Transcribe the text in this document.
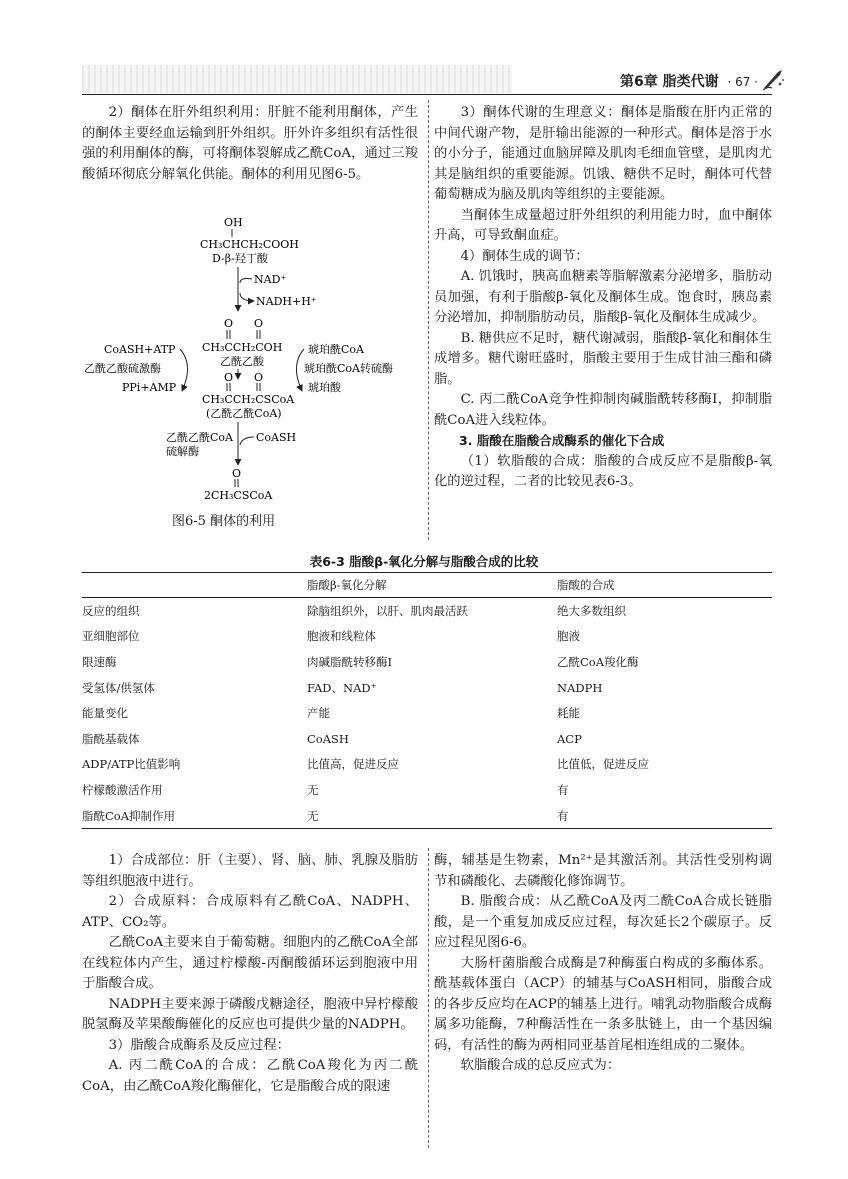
第6章 脂类代谢 · 67 ·

2）酮体在肝外组织利用：肝脏不能利用酮体，产生的酮体主要经血运输到肝外组织。肝外许多组织有活性很强的利用酮体的酶，可将酮体裂解成乙酰CoA，通过三羧酸循环彻底分解氧化供能。酮体的利用见图6-5。

OH
CH₃CHCH₂COOH
D-β-羟丁酸
NAD⁺
NADH+H⁺
O O
CH₃CCH₂COH
乙酰乙酸
CoASH+ATP
乙酰乙酸硫激酶
PPi+AMP
琥珀酰CoA
琥珀酰CoA转硫酶
琥珀酸
O O
CH₃CCH₂CSCoA
(乙酰乙酰CoA)
乙酰乙酰CoA
硫解酶
CoASH
O
2CH₃CSCoA
图6-5 酮体的利用

3）酮体代谢的生理意义：酮体是脂酸在肝内正常的中间代谢产物，是肝输出能源的一种形式。酮体是溶于水的小分子，能通过血脑屏障及肌肉毛细血管壁，是肌肉尤其是脑组织的重要能源。饥饿、糖供不足时，酮体可代替葡萄糖成为脑及肌肉等组织的主要能源。

当酮体生成量超过肝外组织的利用能力时，血中酮体升高，可导致酮血症。

4）酮体生成的调节：

A. 饥饿时，胰高血糖素等脂解激素分泌增多，脂肪动员加强，有利于脂酸β-氧化及酮体生成。饱食时，胰岛素分泌增加，抑制脂肪动员，脂酸β-氧化及酮体生成减少。

B. 糖供应不足时，糖代谢减弱，脂酸β-氧化和酮体生成增多。糖代谢旺盛时，脂酸主要用于生成甘油三酯和磷脂。

C. 丙二酰CoA竞争性抑制肉碱脂酰转移酶Ⅰ，抑制脂酰CoA进入线粒体。

3. 脂酸在脂酸合成酶系的催化下合成

（1）软脂酸的合成：脂酸的合成反应不是脂酸β-氧化的逆过程，二者的比较见表6-3。

表6-3 脂酸β-氧化分解与脂酸合成的比较
	脂酸β-氧化分解	脂酸的合成
反应的组织	除脑组织外，以肝、肌肉最活跃	绝大多数组织
亚细胞部位	胞液和线粒体	胞液
限速酶	肉碱脂酰转移酶Ⅰ	乙酰CoA羧化酶
受氢体/供氢体	FAD、NAD⁺	NADPH
能量变化	产能	耗能
脂酰基载体	CoASH	ACP
ADP/ATP比值影响	比值高，促进反应	比值低，促进反应
柠檬酸激活作用	无	有
脂酰CoA抑制作用	无	有

1）合成部位：肝（主要）、肾、脑、肺、乳腺及脂肪等组织胞液中进行。

2）合成原料：合成原料有乙酰CoA、NADPH、ATP、CO₂等。

乙酰CoA主要来自于葡萄糖。细胞内的乙酰CoA全部在线粒体内产生，通过柠檬酸-丙酮酸循环运到胞液中用于脂酸合成。

NADPH主要来源于磷酸戊糖途径，胞液中异柠檬酸脱氢酶及苹果酸酶催化的反应也可提供少量的NADPH。

3）脂酸合成酶系及反应过程：

A. 丙二酰CoA的合成：乙酰CoA羧化为丙二酰CoA，由乙酰CoA羧化酶催化，它是脂酸合成的限速

酶，辅基是生物素，Mn²⁺是其激活剂。其活性受别构调节和磷酸化、去磷酸化修饰调节。

B. 脂酸合成：从乙酰CoA及丙二酰CoA合成长链脂酸，是一个重复加成反应过程，每次延长2个碳原子。反应过程见图6-6。

大肠杆菌脂酸合成酶是7种酶蛋白构成的多酶体系。酰基载体蛋白（ACP）的辅基与CoASH相同，脂酸合成的各步反应均在ACP的辅基上进行。哺乳动物脂酸合成酶属多功能酶，7种酶活性在一条多肽链上，由一个基因编码，有活性的酶为两相同亚基首尾相连组成的二聚体。

软脂酸合成的总反应式为：
